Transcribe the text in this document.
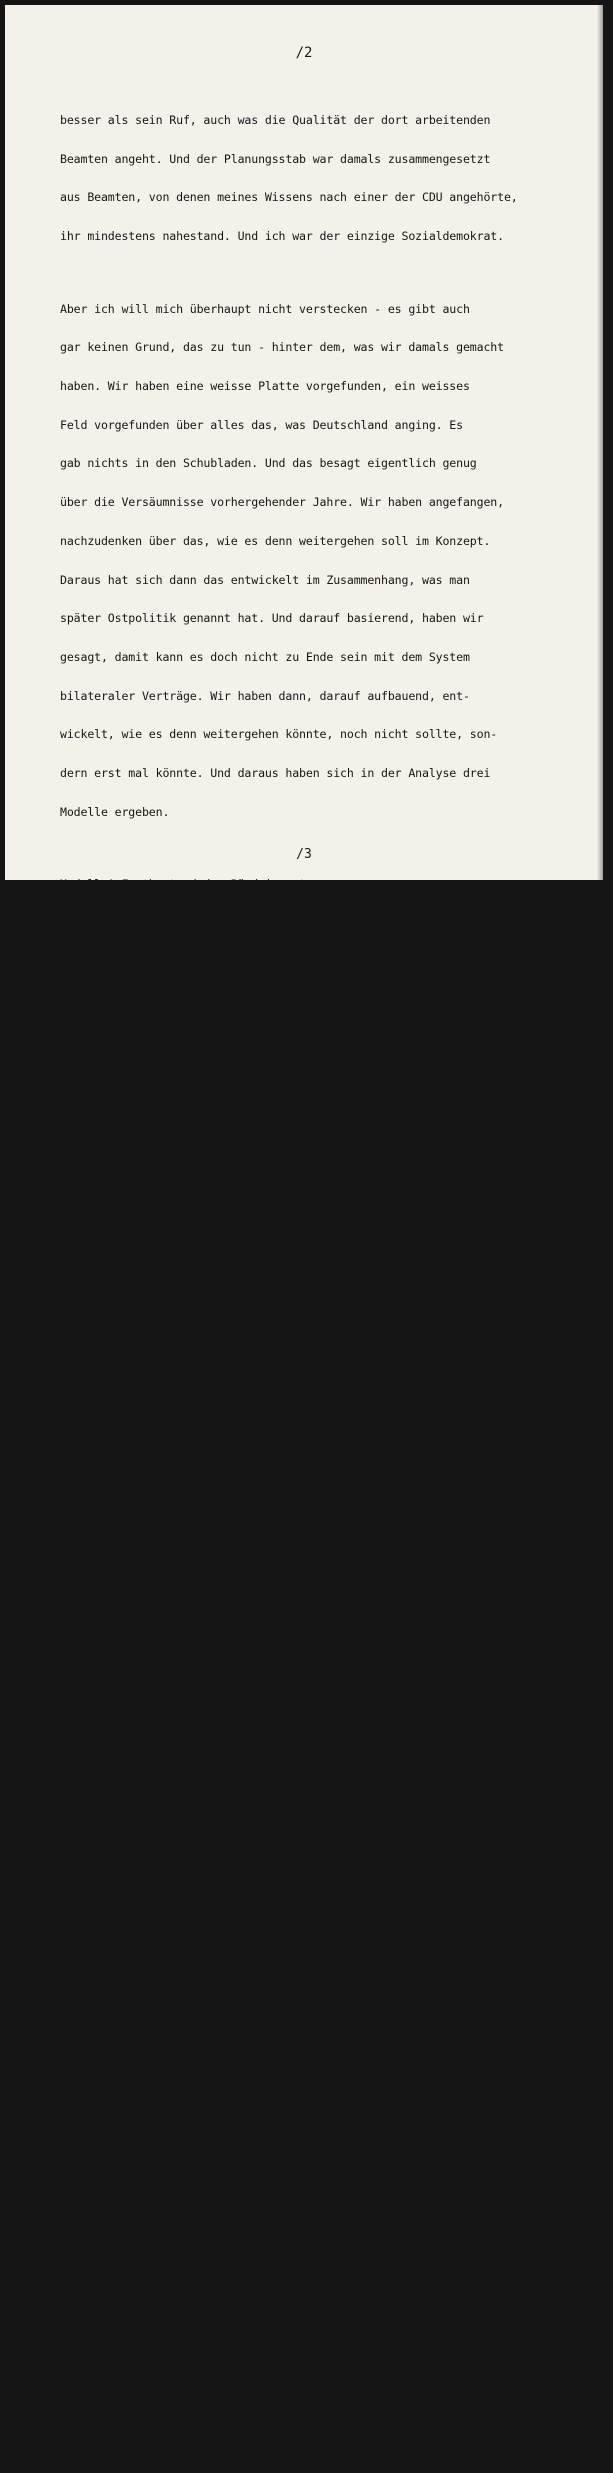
/2

besser als sein Ruf, auch was die Qualität der dort arbeitenden

Beamten angeht. Und der Planungsstab war damals zusammengesetzt

aus Beamten, von denen meines Wissens nach einer der CDU angehörte,

ihr mindestens nahestand. Und ich war der einzige Sozialdemokrat.

Aber ich will mich überhaupt nicht verstecken - es gibt auch

gar keinen Grund, das zu tun - hinter dem, was wir damals gemacht

haben. Wir haben eine weisse Platte vorgefunden, ein weisses

Feld vorgefunden über alles das, was Deutschland anging. Es

gab nichts in den Schubladen. Und das besagt eigentlich genug

über die Versäumnisse vorhergehender Jahre. Wir haben angefangen,

nachzudenken über das, wie es denn weitergehen soll im Konzept.

Daraus hat sich dann das entwickelt im Zusammenhang, was man

später Ostpolitik genannt hat. Und darauf basierend, haben wir

gesagt, damit kann es doch nicht zu Ende sein mit dem System

bilateraler Verträge. Wir haben dann, darauf aufbauend, ent-

wickelt, wie es denn weitergehen könnte, noch nicht sollte, son-

dern erst mal könnte. Und daraus haben sich in der Analyse drei

Modelle ergeben.

Modell A Fortbestand der Bündnissysteme,

Modell B Bündnissysteme bestehen fort mit Vereinbarungen zwischen

ihnen, d.h. Verbindungen zwischen ihnen und

C Auflösung der Bündnissysteme.

Und ich muss sagen, auch wenn die Zeit natürlich weitergegangen

ist, rückblickend, der Ansatz war völlig korrekt, die Analyse

stimmt. Das sind die drei Grundmöglichkeiten, die es gibt. Und

wir haben sogar gesagt, das Wahrscheinliche würde wohl sein,

dass sich B weiterentwickelt; d.h. die Bündnissysteme werden

Vereinbarungen untereinander schliessen, sie werden sich dadurch

auch verfestigen. Das wird das Wahrscheinliche sein. Es ist ja

denn auch wohl geworden.

Frage: Nun haben Sie doch in den letzten Tagen erklärt, diese

Denkmodelle hätten sich überholt. Inwieweit haben sie sich

überholt, inwieweit wurden sie weiterentwickelt, und wo denken

Sie heute weiter?

Antwort: Also sie haben sich in dem einen Punkte jedenfalls

überholt: A ist schon weggefallen. Es ist Gott sei Dank nicht

zu einer Verhärtung oder zu einem blossen sterilen feindseligen

Nebeneinander gekommen, sondern es ist weitergegangen.

2. Ich glaube rückblickend, dass wir die Globalität unter-

schätzt haben, die heute, 10 Jahre später, zu sehen ist. D.h.

die Tatsache, dass in den vor uns liegenden Jahren noch stärker

sichtbar werden wird, dass man grosse Probleme eigentlich nicht

mehr europäisch, ja nicht einmal mehr atlantisch lösen kann.

Frage: Ihnen wird vorgeworfen von seiten der Opposition, ohne

dass eigentlich von Ihrer Seite - jetzt nicht Ihnen persönlich -

dem, wie ich glaube, genügend offensiv bisher entgegengetreten

worden ist, Sie verfolgten weiter Neutralitätspläne für ein

Deutschland, wann auch immer und wie auch immer. Stimmt das?

Antwort: Ich habe nie Neutralitätspläne verfolgt.

Frage: Könnten Sie das mal ausführen?

Antwort: Weil Neutralität Unsinn ist, jedenfalls für die Bundes-

republik Deutschland oder für Deutschland überhaupt. Ich bin

/3
